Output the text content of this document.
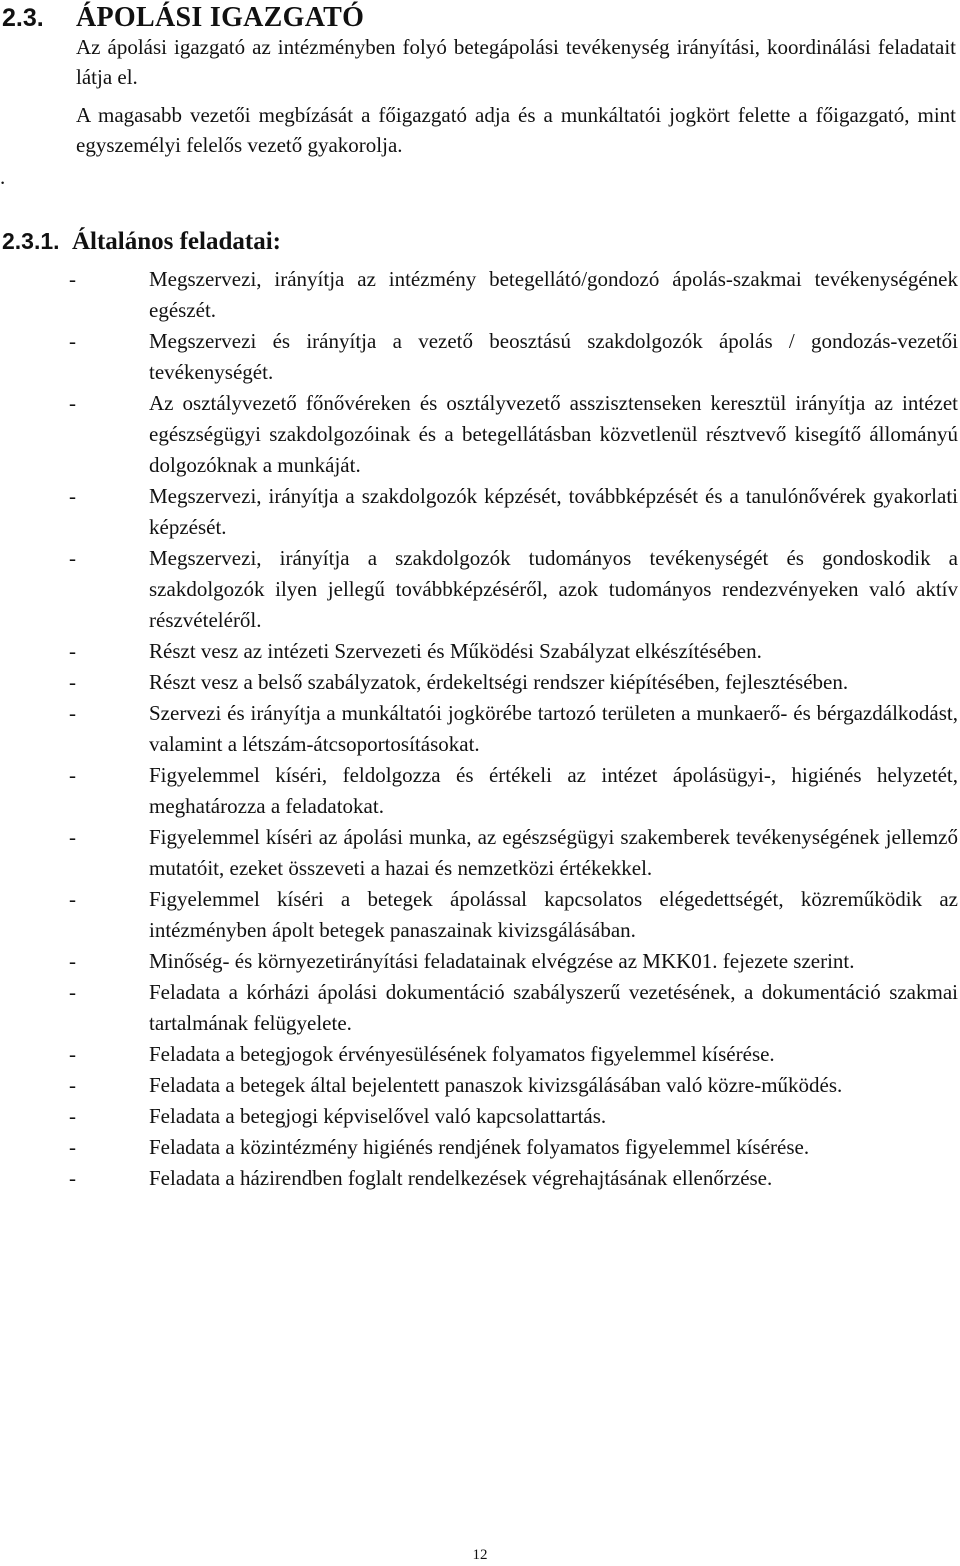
2.3. ÁPOLÁSI IGAZGATÓ

Az ápolási igazgató az intézményben folyó betegápolási tevékenység irányítási, koordinálási feladatait látja el.

A magasabb vezetői megbízását a főigazgató adja és a munkáltatói jogkört felette a főigazgató, mint egyszemélyi felelős vezető gyakorolja.

.
2.3.1. Általános feladatai:
-	Megszervezi, irányítja az intézmény betegellátó/gondozó ápolás-szakmai tevékenységének egészét.
-	Megszervezi és irányítja a vezető beosztású szakdolgozók ápolás / gondozás-vezetői tevékenységét.
-	Az osztályvezető főnővéreken és osztályvezető asszisztenseken keresztül irányítja az intézet egészségügyi szakdolgozóinak és a betegellátásban közvetlenül résztvevő kisegítő állományú dolgozóknak a munkáját.
-	Megszervezi, irányítja a szakdolgozók képzését, továbbképzését és a tanulónővérek gyakorlati képzését.
-	Megszervezi, irányítja a szakdolgozók tudományos tevékenységét és gondoskodik a szakdolgozók ilyen jellegű továbbképzéséről, azok tudományos rendezvényeken való aktív részvételéről.
-	Részt vesz az intézeti Szervezeti és Működési Szabályzat elkészítésében.
-	Részt vesz a belső szabályzatok, érdekeltségi rendszer kiépítésében, fejlesztésében.
-	Szervezi és irányítja a munkáltatói jogkörébe tartozó területen a munkaerő- és bérgazdálkodást, valamint a létszám-átcsoportosításokat.
-	Figyelemmel kíséri, feldolgozza és értékeli az intézet ápolásügyi-, higiénés helyzetét, meghatározza a feladatokat.
-	Figyelemmel kíséri az ápolási munka, az egészségügyi szakemberek tevékenységének jellemző mutatóit, ezeket összeveti a hazai és nemzetközi értékekkel.
-	Figyelemmel kíséri a betegek ápolással kapcsolatos elégedettségét, közreműködik az intézményben ápolt betegek panaszainak kivizsgálásában.
-	Minőség- és környezetirányítási feladatainak elvégzése az MKK01. fejezete szerint.
-	Feladata a kórházi ápolási dokumentáció szabályszerű vezetésének, a dokumentáció szakmai tartalmának felügyelete.
-	Feladata a betegjogok érvényesülésének folyamatos figyelemmel kísérése.
-	Feladata a betegek által bejelentett panaszok kivizsgálásában való közre-működés.
-	Feladata a betegjogi képviselővel való kapcsolattartás.
-	Feladata a közintézmény higiénés rendjének folyamatos figyelemmel kísérése.
-	Feladata a házirendben foglalt rendelkezések végrehajtásának ellenőrzése.
12
